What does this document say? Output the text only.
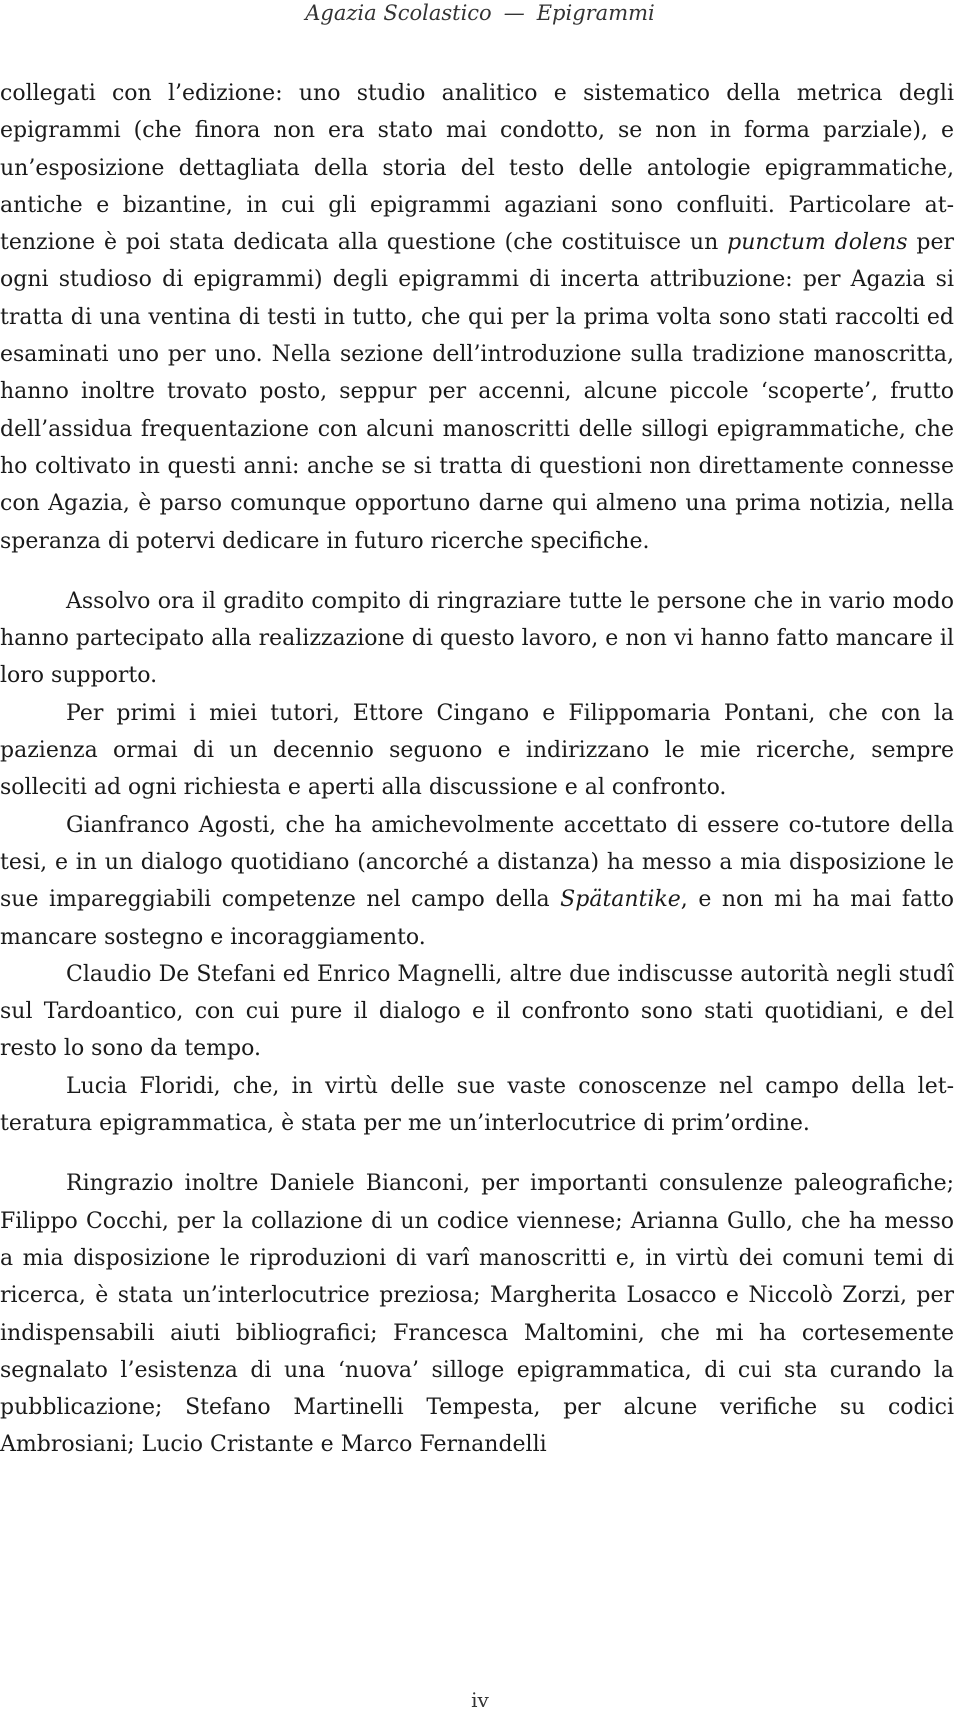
Agazia Scolastico — Epigrammi

collegati con l’edizione: uno studio analitico e sistematico della metrica degli epigrammi (che finora non era stato mai condotto, se non in forma parziale), e un’esposizione dettagliata della storia del testo delle antologie epigrammatiche, antiche e bizantine, in cui gli epigrammi agaziani sono confluiti. Particolare attenzione è poi stata dedicata alla questione (che costituisce un punctum dolens per ogni studioso di epigrammi) degli epigrammi di incerta attribuzione: per Agazia si tratta di una ventina di testi in tutto, che qui per la prima volta sono stati raccolti ed esaminati uno per uno. Nella sezione dell’introduzione sulla tradizione manoscritta, hanno inoltre trovato posto, seppur per accenni, alcune piccole ‘scoperte’, frutto dell’assidua frequentazione con alcuni manoscritti delle sillogi epigrammatiche, che ho coltivato in questi anni: anche se si tratta di questioni non direttamente connesse con Agazia, è parso comunque opportuno darne qui almeno una prima notizia, nella speranza di potervi dedicare in futuro ricerche specifiche.

Assolvo ora il gradito compito di ringraziare tutte le persone che in vario modo hanno partecipato alla realizzazione di questo lavoro, e non vi hanno fatto mancare il loro supporto.

Per primi i miei tutori, Ettore Cingano e Filippomaria Pontani, che con la pazienza ormai di un decennio seguono e indirizzano le mie ricerche, sempre solleciti ad ogni richiesta e aperti alla discussione e al confronto.

Gianfranco Agosti, che ha amichevolmente accettato di essere co-tutore della tesi, e in un dialogo quotidiano (ancorché a distanza) ha messo a mia disposizione le sue impareggiabili competenze nel campo della Spätantike, e non mi ha mai fatto mancare sostegno e incoraggiamento.

Claudio De Stefani ed Enrico Magnelli, altre due indiscusse autorità negli studî sul Tardoantico, con cui pure il dialogo e il confronto sono stati quotidiani, e del resto lo sono da tempo.

Lucia Floridi, che, in virtù delle sue vaste conoscenze nel campo della letteratura epigrammatica, è stata per me un’interlocutrice di prim’ordine.

Ringrazio inoltre Daniele Bianconi, per importanti consulenze paleografiche; Filippo Cocchi, per la collazione di un codice viennese; Arianna Gullo, che ha messo a mia disposizione le riproduzioni di varî manoscritti e, in virtù dei comuni temi di ricerca, è stata un’interlocutrice preziosa; Margherita Losacco e Niccolò Zorzi, per indispensabili aiuti bibliografici; Francesca Maltomini, che mi ha cortesemente segnalato l’esistenza di una ‘nuova’ silloge epigrammatica, di cui sta curando la pubblicazione; Stefano Martinelli Tempesta, per alcune verifiche su codici Ambrosiani; Lucio Cristante e Marco Fernandelli

iv
